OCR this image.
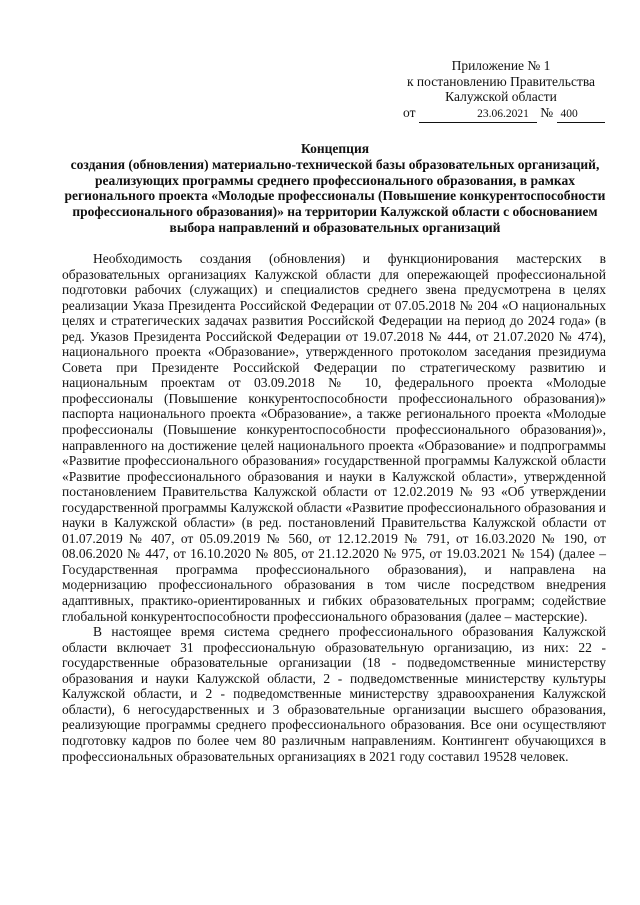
Приложение № 1
к постановлению Правительства
Калужской области
от	23.06.2021 № 400
Концепция
создания (обновления) материально-технической базы образовательных организаций, реализующих программы среднего профессионального образования, в рамках регионального проекта «Молодые профессионалы (Повышение конкурентоспособности профессионального образования)» на территории Калужской области с обоснованием выбора направлений и образовательных организаций

Необходимость создания (обновления) и функционирования мастерских в образовательных организациях Калужской области для опережающей профессиональной подготовки рабочих (служащих) и специалистов среднего звена предусмотрена в целях реализации Указа Президента Российской Федерации от 07.05.2018 № 204 «О национальных целях и стратегических задачах развития Российской Федерации на период до 2024 года» (в ред. Указов Президента Российской Федерации от 19.07.2018 № 444, от 21.07.2020 № 474), национального проекта «Образование», утвержденного протоколом заседания президиума Совета при Президенте Российской Федерации по стратегическому развитию и национальным проектам от 03.09.2018 № 10, федерального проекта «Молодые профессионалы (Повышение конкурентоспособности профессионального образования)» паспорта национального проекта «Образование», а также регионального проекта «Молодые профессионалы (Повышение конкурентоспособности профессионального образования)», направленного на достижение целей национального проекта «Образование» и подпрограммы «Развитие профессионального образования» государственной программы Калужской области «Развитие профессионального образования и науки в Калужской области», утвержденной постановлением Правительства Калужской области от 12.02.2019 № 93 «Об утверждении государственной программы Калужской области «Развитие профессионального образования и науки в Калужской области» (в ред. постановлений Правительства Калужской области от 01.07.2019 № 407, от 05.09.2019 № 560, от 12.12.2019 № 791, от 16.03.2020 № 190, от 08.06.2020 № 447, от 16.10.2020 № 805, от 21.12.2020 № 975, от 19.03.2021 № 154) (далее – Государственная программа профессионального образования), и направлена на модернизацию профессионального образования в том числе посредством внедрения адаптивных, практико-ориентированных и гибких образовательных программ; содействие глобальной конкурентоспособности профессионального образования (далее – мастерские).

В настоящее время система среднего профессионального образования Калужской области включает 31 профессиональную образовательную организацию, из них: 22 - государственные образовательные организации (18 - подведомственные министерству образования и науки Калужской области, 2 - подведомственные министерству культуры Калужской области, и 2 - подведомственные министерству здравоохранения Калужской области), 6 негосударственных и 3 образовательные организации высшего образования, реализующие программы среднего профессионального образования. Все они осуществляют подготовку кадров по более чем 80 различным направлениям. Контингент обучающихся в профессиональных образовательных организациях в 2021 году составил 19528 человек.
